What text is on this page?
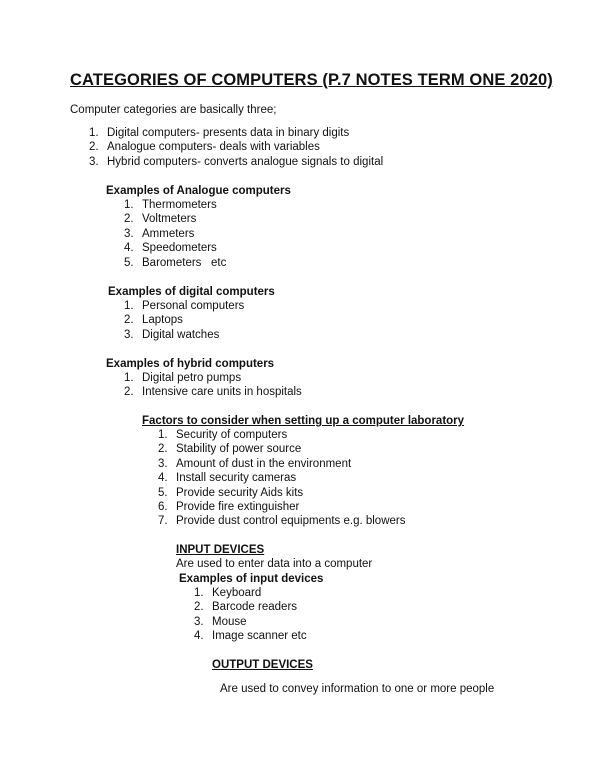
CATEGORIES OF COMPUTERS (P.7 NOTES TERM ONE 2020)
Computer categories are basically three;
1. Digital computers- presents data in binary digits
2. Analogue computers- deals with variables
3. Hybrid computers- converts analogue signals to digital
Examples of Analogue computers
1. Thermometers
2. Voltmeters
3. Ammeters
4. Speedometers
5. Barometers   etc
Examples of digital computers
1. Personal computers
2. Laptops
3. Digital watches
Examples of hybrid computers
1. Digital petro pumps
2. Intensive care units in hospitals
Factors to consider when setting up a computer laboratory
1. Security of computers
2. Stability of power source
3. Amount of dust in the environment
4. Install security cameras
5. Provide security Aids kits
6. Provide fire extinguisher
7. Provide dust control equipments e.g. blowers
INPUT DEVICES
Are used to enter data into a computer
Examples of input devices
1. Keyboard
2. Barcode readers
3. Mouse
4. Image scanner etc
OUTPUT DEVICES
Are used to convey information to one or more people
